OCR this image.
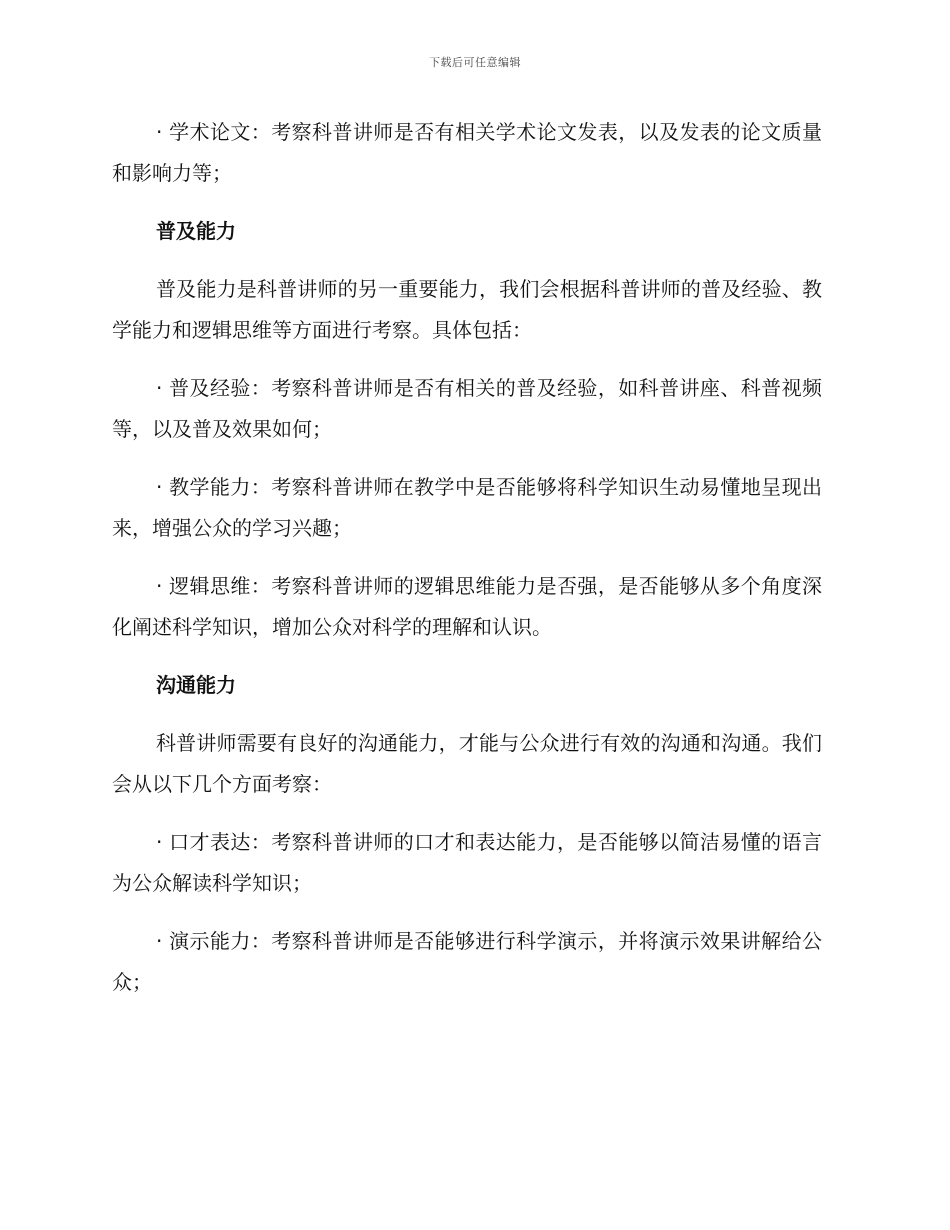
下载后可任意编辑

· 学术论文：考察科普讲师是否有相关学术论文发表，以及发表的论文质量和影响力等；

普及能力

普及能力是科普讲师的另一重要能力，我们会根据科普讲师的普及经验、教学能力和逻辑思维等方面进行考察。具体包括：

· 普及经验：考察科普讲师是否有相关的普及经验，如科普讲座、科普视频等，以及普及效果如何；

· 教学能力：考察科普讲师在教学中是否能够将科学知识生动易懂地呈现出来，增强公众的学习兴趣；

· 逻辑思维：考察科普讲师的逻辑思维能力是否强，是否能够从多个角度深化阐述科学知识，增加公众对科学的理解和认识。

沟通能力

科普讲师需要有良好的沟通能力，才能与公众进行有效的沟通和沟通。我们会从以下几个方面考察：

· 口才表达：考察科普讲师的口才和表达能力，是否能够以简洁易懂的语言为公众解读科学知识；

· 演示能力：考察科普讲师是否能够进行科学演示，并将演示效果讲解给公众；
